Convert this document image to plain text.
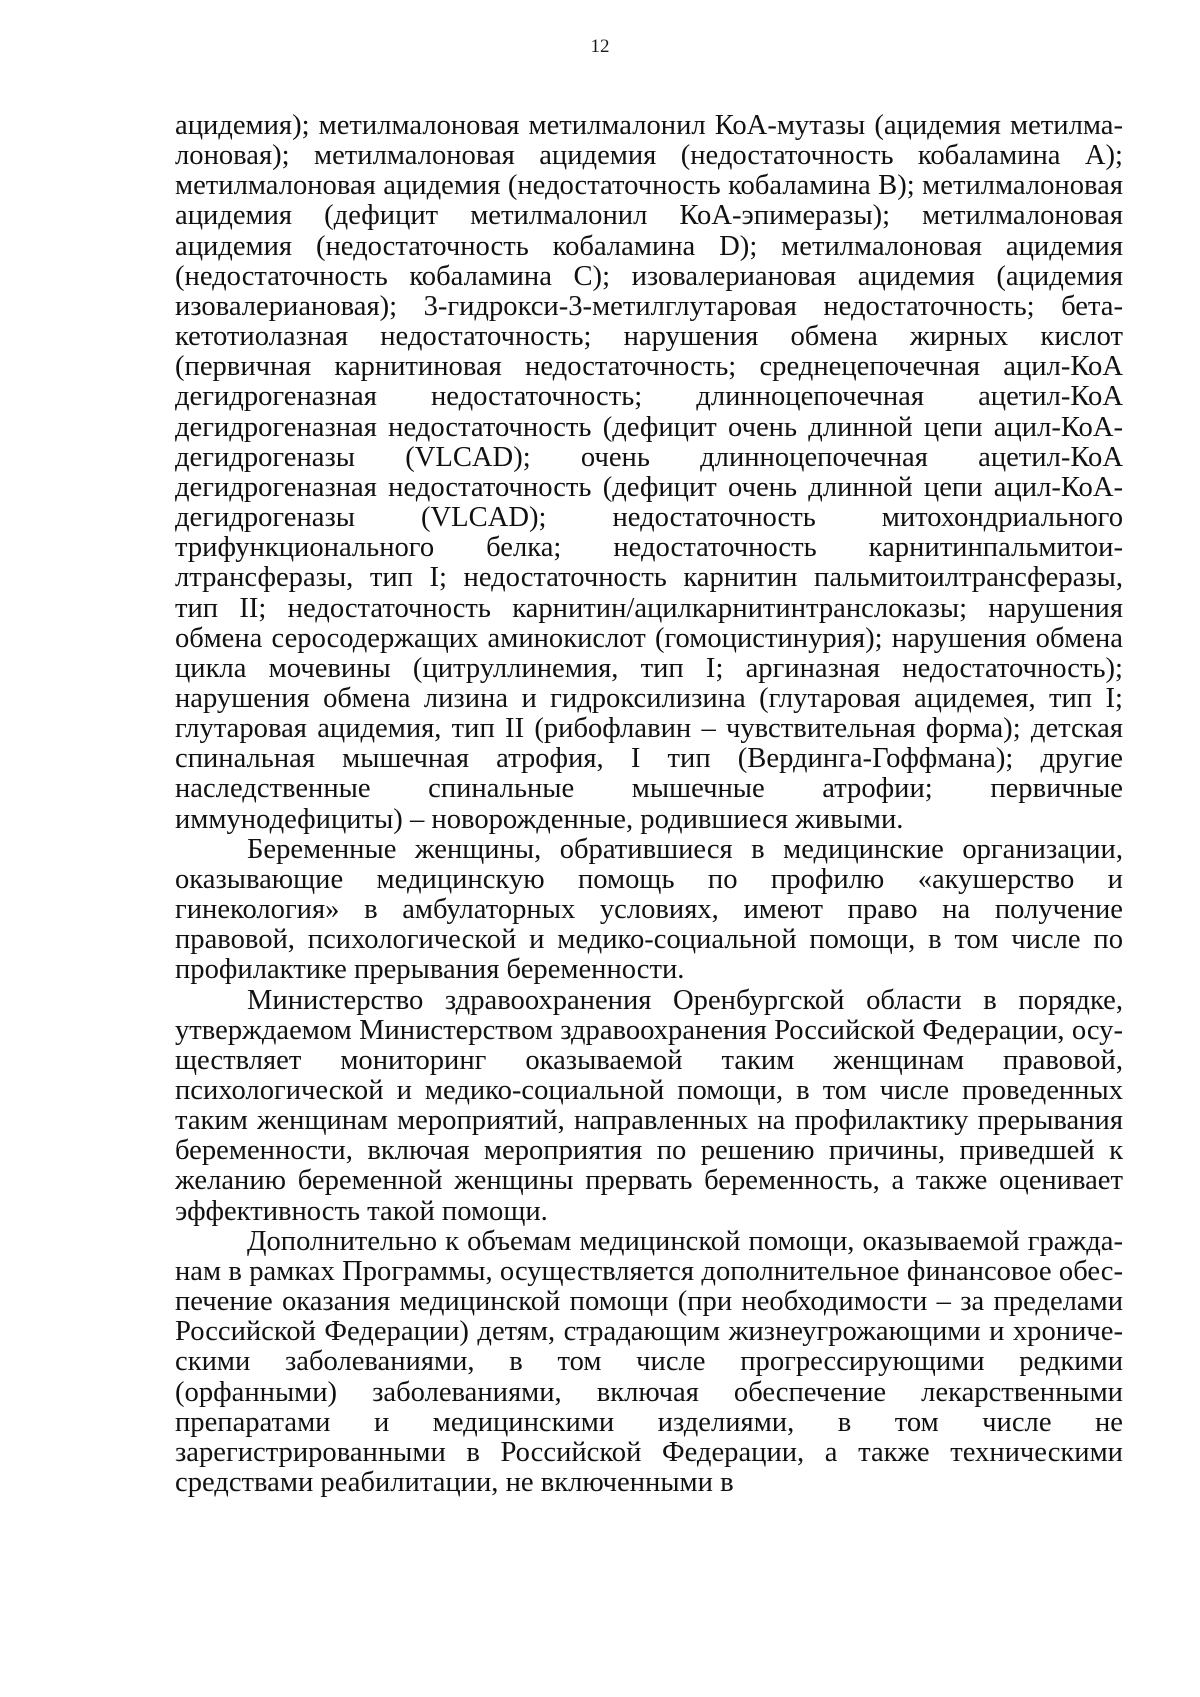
12

ацидемия); метилмалоновая метилмалонил КоА-мутазы (ацидемия метилмалоновая); метилмалоновая ацидемия (недостаточность кобаламина А); метилмалоновая ацидемия (недостаточность кобаламина В); метилмалоновая ацидемия (дефицит метилмалонил КоА-эпимеразы); метилмалоновая ацидемия (недостаточность кобаламина D); метилмалоновая ацидемия (недостаточность кобаламина С); изовалериановая ацидемия (ацидемия изовалериановая); 3-гидрокси-3-метилглутаровая недостаточность; бета-кетотиолазная недостаточность; нарушения обмена жирных кислот (первичная карнитиновая недостаточность; среднецепочечная ацил-КоА дегидрогеназная недостаточность; длинноцепочечная ацетил-КоА дегидрогеназная недостаточность (дефицит очень длинной цепи ацил-КоА-дегидрогеназы (VLCAD); очень длинноцепочечная ацетил-КоА дегидрогеназная недостаточность (дефицит очень длинной цепи ацил-КоА-дегидрогеназы (VLCAD); недостаточность митохондриального трифункционального белка; недостаточность карнитинпальмитоилтрансферазы, тип I; недостаточность карнитин пальмитоилтрансферазы, тип II; недостаточность карнитин/ацилкарнитинтранслоказы; нарушения обмена серосодержащих аминокислот (гомоцистинурия); нарушения обмена цикла мочевины (цитруллинемия, тип I; аргиназная недостаточность); нарушения обмена лизина и гидроксилизина (глутаровая ацидемея, тип I; глутаровая ацидемия, тип II (рибофлавин – чувствительная форма); детская спинальная мышечная атрофия, I тип (Вердинга-Гоффмана); другие наследственные спинальные мышечные атрофии; первичные иммунодефициты) – новорожденные, родившиеся живыми.

Беременные женщины, обратившиеся в медицинские организации, оказывающие медицинскую помощь по профилю «акушерство и гинекология» в амбулаторных условиях, имеют право на получение правовой, психологической и медико-социальной помощи, в том числе по профилактике прерывания беременности.

Министерство здравоохранения Оренбургской области в порядке, утверждаемом Министерством здравоохранения Российской Федерации, осуществляет мониторинг оказываемой таким женщинам правовой, психологической и медико-социальной помощи, в том числе проведенных таким женщинам мероприятий, направленных на профилактику прерывания беременности, включая мероприятия по решению причины, приведшей к желанию беременной женщины прервать беременность, а также оценивает эффективность такой помощи.

Дополнительно к объемам медицинской помощи, оказываемой гражданам в рамках Программы, осуществляется дополнительное финансовое обеспечение оказания медицинской помощи (при необходимости – за пределами Российской Федерации) детям, страдающим жизнеугрожающими и хроническими заболеваниями, в том числе прогрессирующими редкими (орфанными) заболеваниями, включая обеспечение лекарственными препаратами и медицинскими изделиями, в том числе не зарегистрированными в Российской Федерации, а также техническими средствами реабилитации, не включенными в
